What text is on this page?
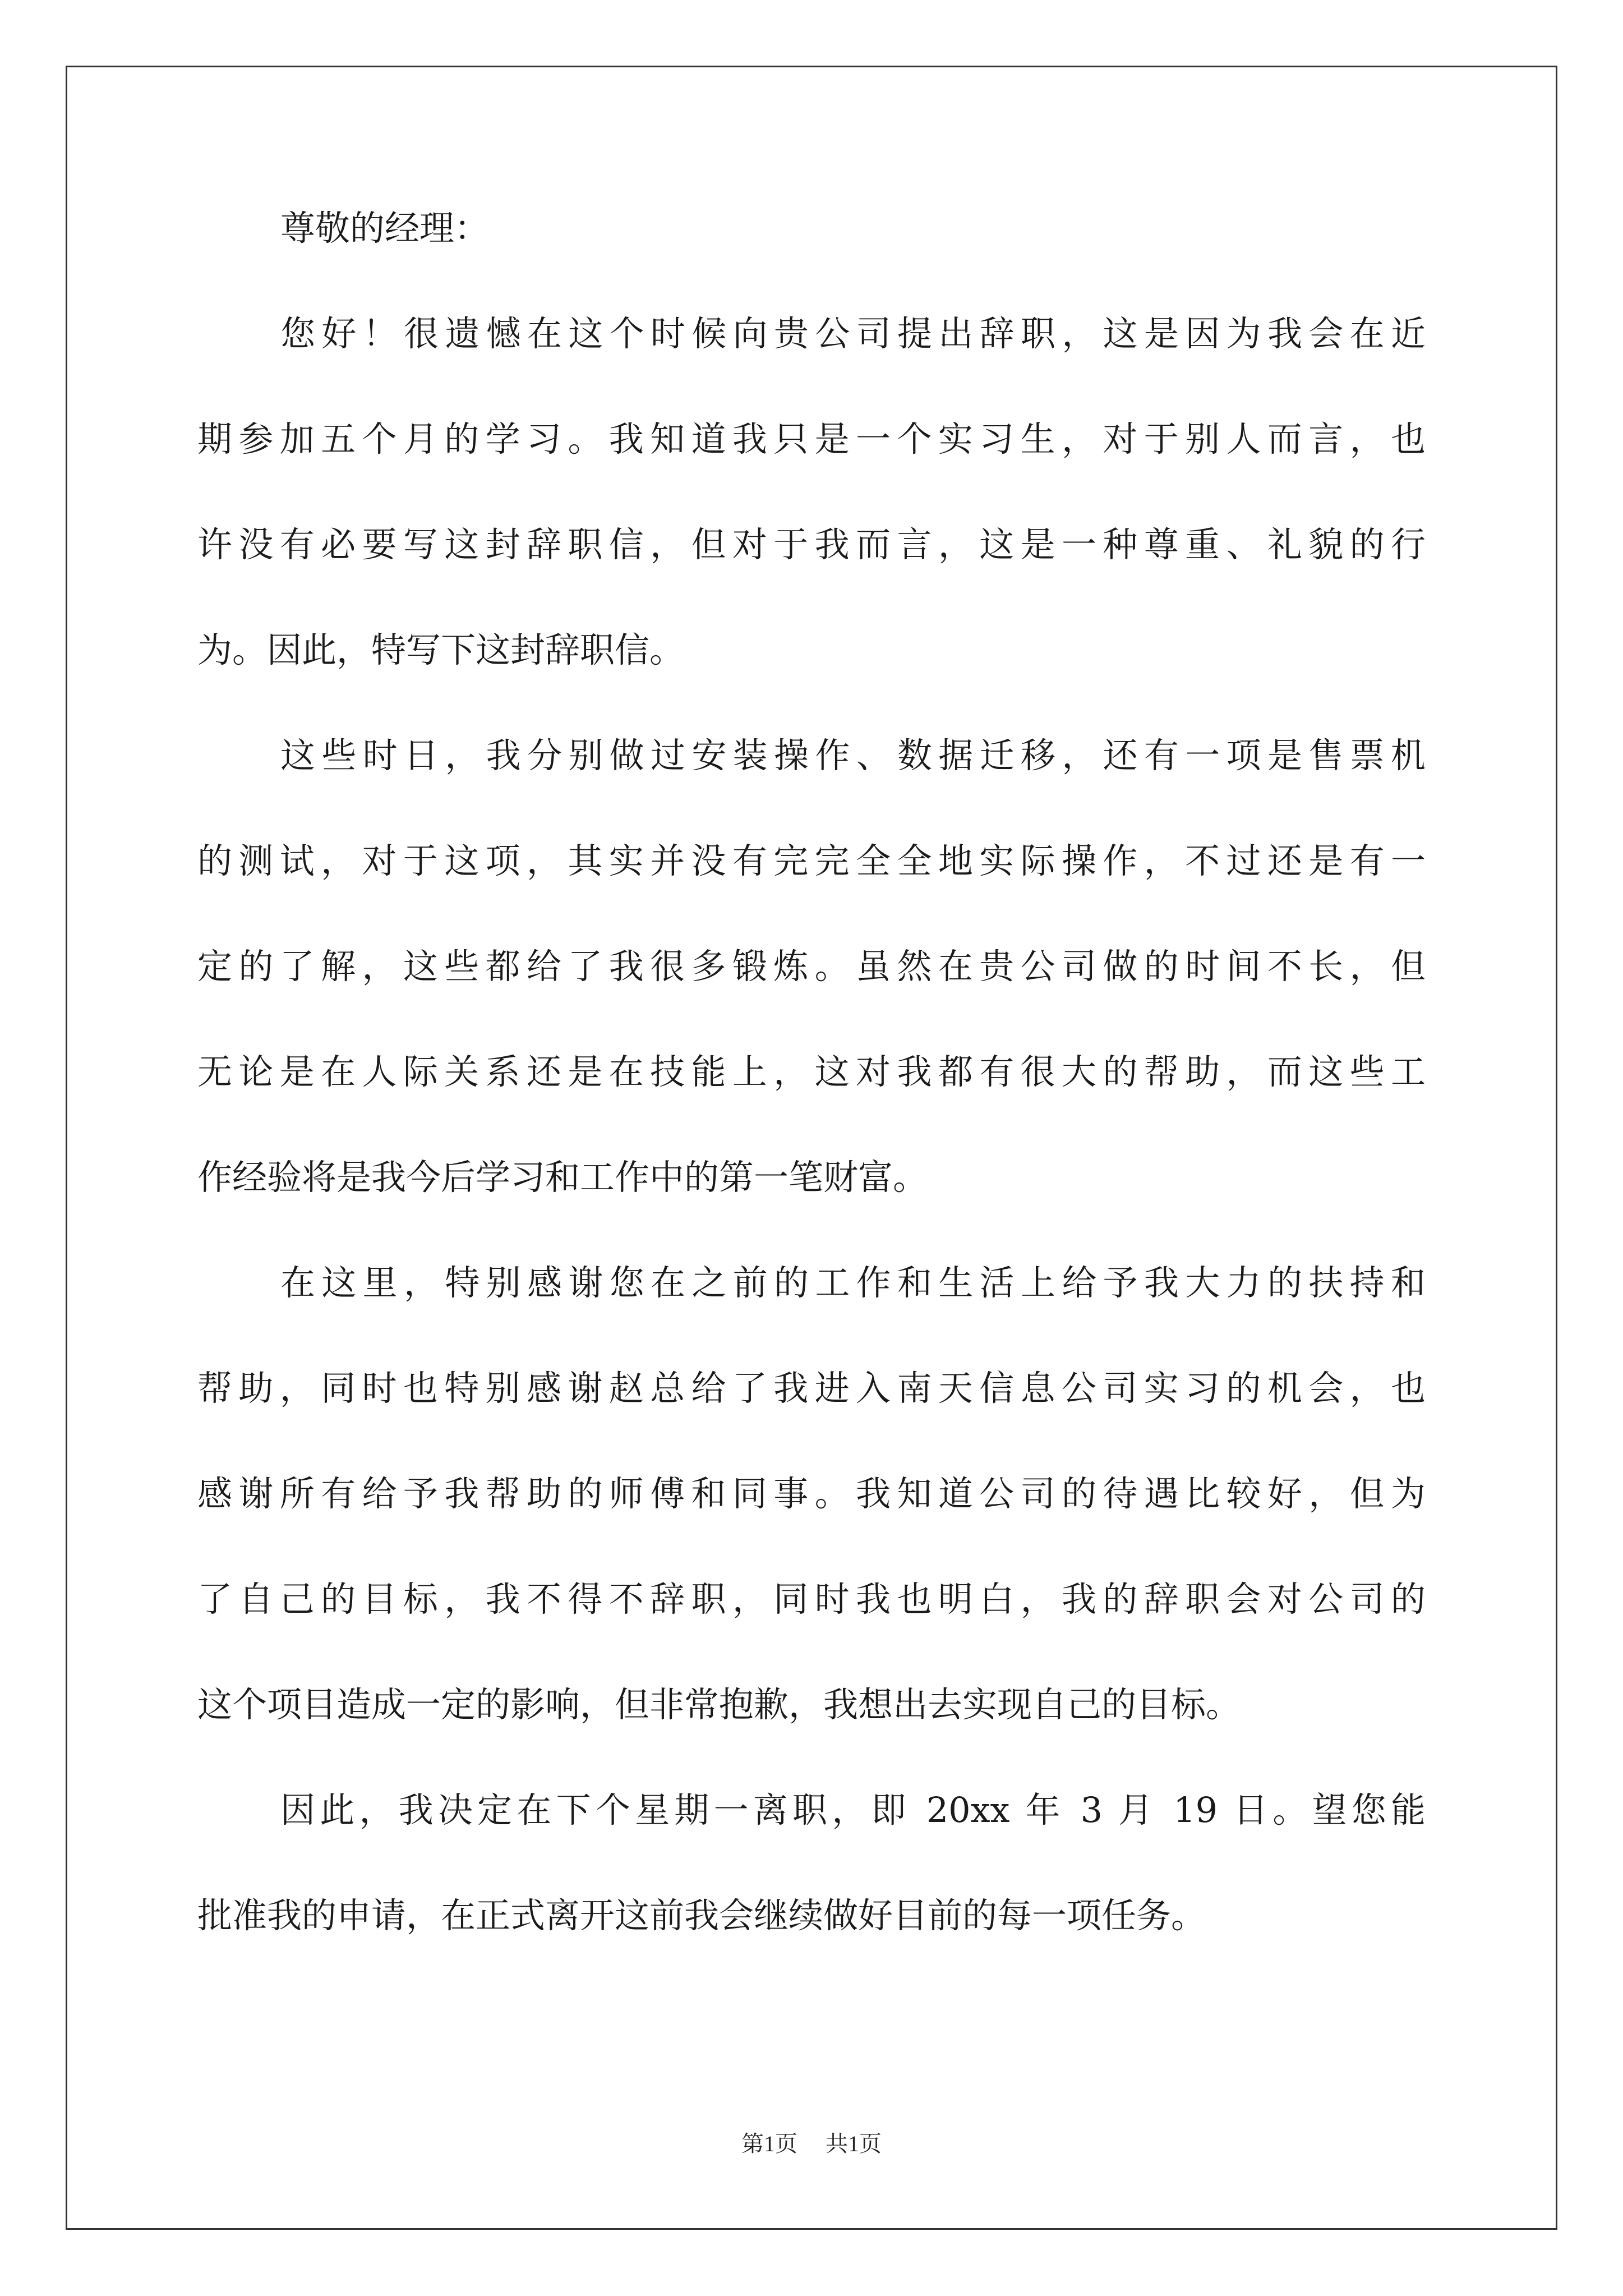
尊敬的经理：
您好！很遗憾在这个时候向贵公司提出辞职，这是因为我会在近
期参加五个月的学习。我知道我只是一个实习生，对于别人而言，也
许没有必要写这封辞职信，但对于我而言，这是一种尊重、礼貌的行
为。因此，特写下这封辞职信。
这些时日，我分别做过安装操作、数据迁移，还有一项是售票机
的测试，对于这项，其实并没有完完全全地实际操作，不过还是有一
定的了解，这些都给了我很多锻炼。虽然在贵公司做的时间不长，但
无论是在人际关系还是在技能上，这对我都有很大的帮助，而这些工
作经验将是我今后学习和工作中的第一笔财富。
在这里，特别感谢您在之前的工作和生活上给予我大力的扶持和
帮助，同时也特别感谢赵总给了我进入南天信息公司实习的机会，也
感谢所有给予我帮助的师傅和同事。我知道公司的待遇比较好，但为
了自己的目标，我不得不辞职，同时我也明白，我的辞职会对公司的
这个项目造成一定的影响，但非常抱歉，我想出去实现自己的目标。
因此，我决定在下个星期一离职，即 20xx 年 3 月 19 日。望您能
批准我的申请，在正式离开这前我会继续做好目前的每一项任务。
第1页 共1页
